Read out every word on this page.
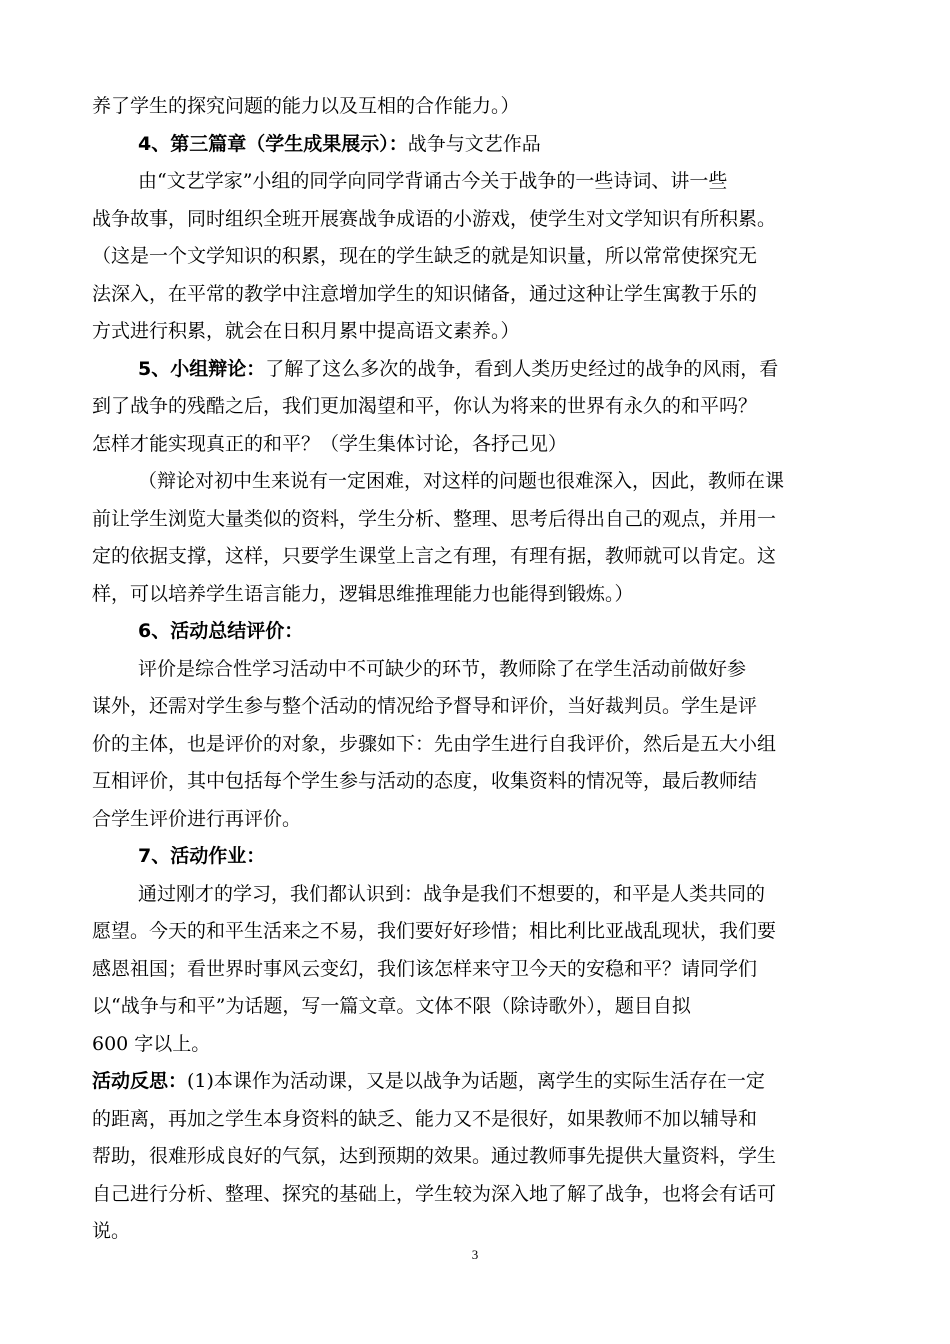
养了学生的探究问题的能力以及互相的合作能力。）
4、第三篇章（学生成果展示）：战争与文艺作品
由“文艺学家”小组的同学向同学背诵古今关于战争的一些诗词、讲一些
战争故事，同时组织全班开展赛战争成语的小游戏，使学生对文学知识有所积累。
（这是一个文学知识的积累，现在的学生缺乏的就是知识量，所以常常使探究无
法深入，在平常的教学中注意增加学生的知识储备，通过这种让学生寓教于乐的
方式进行积累，就会在日积月累中提高语文素养。）
5、小组辩论：了解了这么多次的战争，看到人类历史经过的战争的风雨，看
到了战争的残酷之后，我们更加渴望和平，你认为将来的世界有永久的和平吗？
怎样才能实现真正的和平？（学生集体讨论，各抒己见）
（辩论对初中生来说有一定困难，对这样的问题也很难深入，因此，教师在课
前让学生浏览大量类似的资料，学生分析、整理、思考后得出自己的观点，并用一
定的依据支撑，这样，只要学生课堂上言之有理，有理有据，教师就可以肯定。这
样，可以培养学生语言能力，逻辑思维推理能力也能得到锻炼。）
6、活动总结评价：
评价是综合性学习活动中不可缺少的环节，教师除了在学生活动前做好参
谋外，还需对学生参与整个活动的情况给予督导和评价，当好裁判员。学生是评
价的主体，也是评价的对象，步骤如下：先由学生进行自我评价，然后是五大小组
互相评价，其中包括每个学生参与活动的态度，收集资料的情况等，最后教师结
合学生评价进行再评价。
7、活动作业：
通过刚才的学习，我们都认识到：战争是我们不想要的，和平是人类共同的
愿望。今天的和平生活来之不易，我们要好好珍惜；相比利比亚战乱现状，我们要
感恩祖国；看世界时事风云变幻，我们该怎样来守卫今天的安稳和平？请同学们
以“战争与和平”为话题，写一篇文章。文体不限（除诗歌外），题目自拟
600 字以上。
活动反思：(1)本课作为活动课，又是以战争为话题，离学生的实际生活存在一定
的距离，再加之学生本身资料的缺乏、能力又不是很好，如果教师不加以辅导和
帮助，很难形成良好的气氛，达到预期的效果。通过教师事先提供大量资料，学生
自己进行分析、整理、探究的基础上，学生较为深入地了解了战争，也将会有话可
说。
3
